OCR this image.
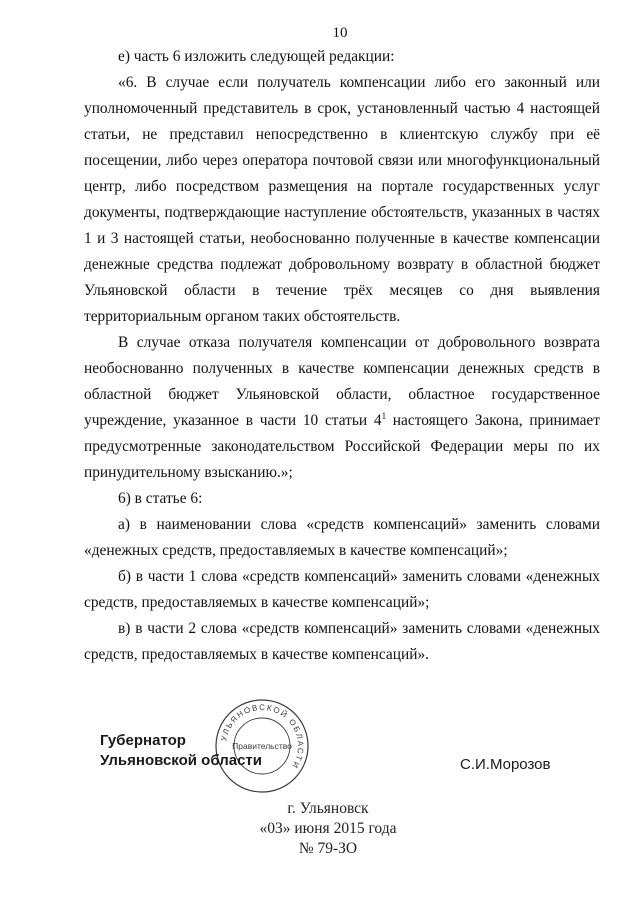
10

е) часть 6 изложить следующей редакции:

«6. В случае если получатель компенсации либо его законный или уполномоченный представитель в срок, установленный частью 4 настоящей статьи, не представил непосредственно в клиентскую службу при её посещении, либо через оператора почтовой связи или многофункциональный центр, либо посредством размещения на портале государственных услуг документы, подтверждающие наступление обстоятельств, указанных в частях 1 и 3 настоящей статьи, необоснованно полученные в качестве компенсации денежные средства подлежат добровольному возврату в областной бюджет Ульяновской области в течение трёх месяцев со дня выявления территориальным органом таких обстоятельств.

В случае отказа получателя компенсации от добровольного возврата необоснованно полученных в качестве компенсации денежных средств в областной бюджет Ульяновской области, областное государственное учреждение, указанное в части 10 статьи $4^1$ настоящего Закона, принимает предусмотренные законодательством Российской Федерации меры по их принудительному взысканию.»;

6) в статье 6:

а) в наименовании слова «средств компенсаций» заменить словами «денежных средств, предоставляемых в качестве компенсаций»;

б) в части 1 слова «средств компенсаций» заменить словами «денежных средств, предоставляемых в качестве компенсаций»;

в) в части 2 слова «средств компенсаций» заменить словами «денежных средств, предоставляемых в качестве компенсаций».

УЛЬЯНОВСКОЙ ОБЛАСТИ
Правительство
Губернатор
Ульяновской области	С.И.Морозов
г. Ульяновск
«03» июня 2015 года
№ 79-ЗО
